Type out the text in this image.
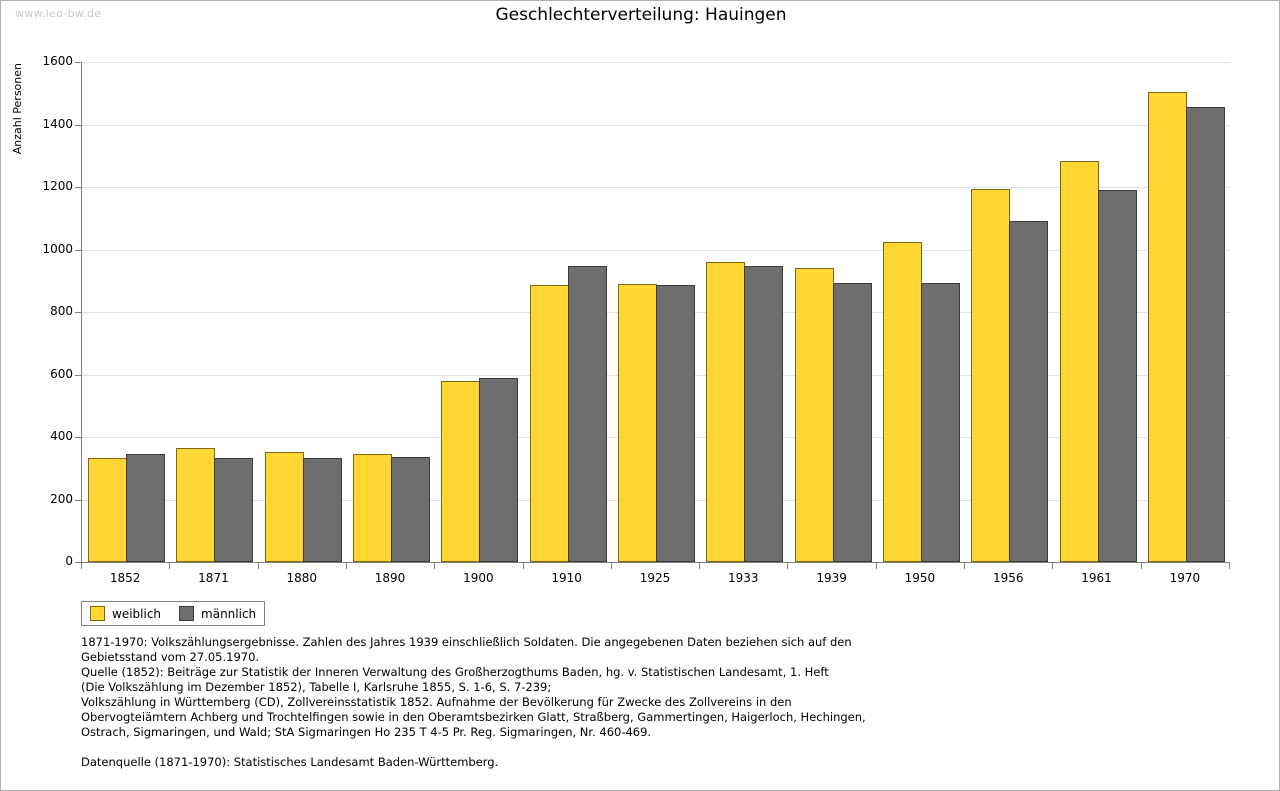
www.leo-bw.de	Geschlechterverteilung: Hauingen
Anzahl Personen
1852	1871	1880	1890	1900	1910	1925	1933	1939	1950	1956	1961	1970
weiblich	männlich

1871-1970: Volkszählungsergebnisse. Zahlen des Jahres 1939 einschließlich Soldaten. Die angegebenen Daten beziehen sich auf den

Gebietsstand vom 27.05.1970.

Quelle (1852): Beiträge zur Statistik der Inneren Verwaltung des Großherzogthums Baden, hg. v. Statistischen Landesamt, 1. Heft

(Die Volkszählung im Dezember 1852), Tabelle I, Karlsruhe 1855, S. 1-6, S. 7-239;

Volkszählung in Württemberg (CD), Zollvereinsstatistik 1852. Aufnahme der Bevölkerung für Zwecke des Zollvereins in den

Obervogteiämtern Achberg und Trochtelfingen sowie in den Oberamtsbezirken Glatt, Straßberg, Gammertingen, Haigerloch, Hechingen,

Ostrach, Sigmaringen, und Wald; StA Sigmaringen Ho 235 T 4-5 Pr. Reg. Sigmaringen, Nr. 460-469.

Datenquelle (1871-1970): Statistisches Landesamt Baden-Württemberg.

0
200
400
600
800
1000
1200
1400
1600
